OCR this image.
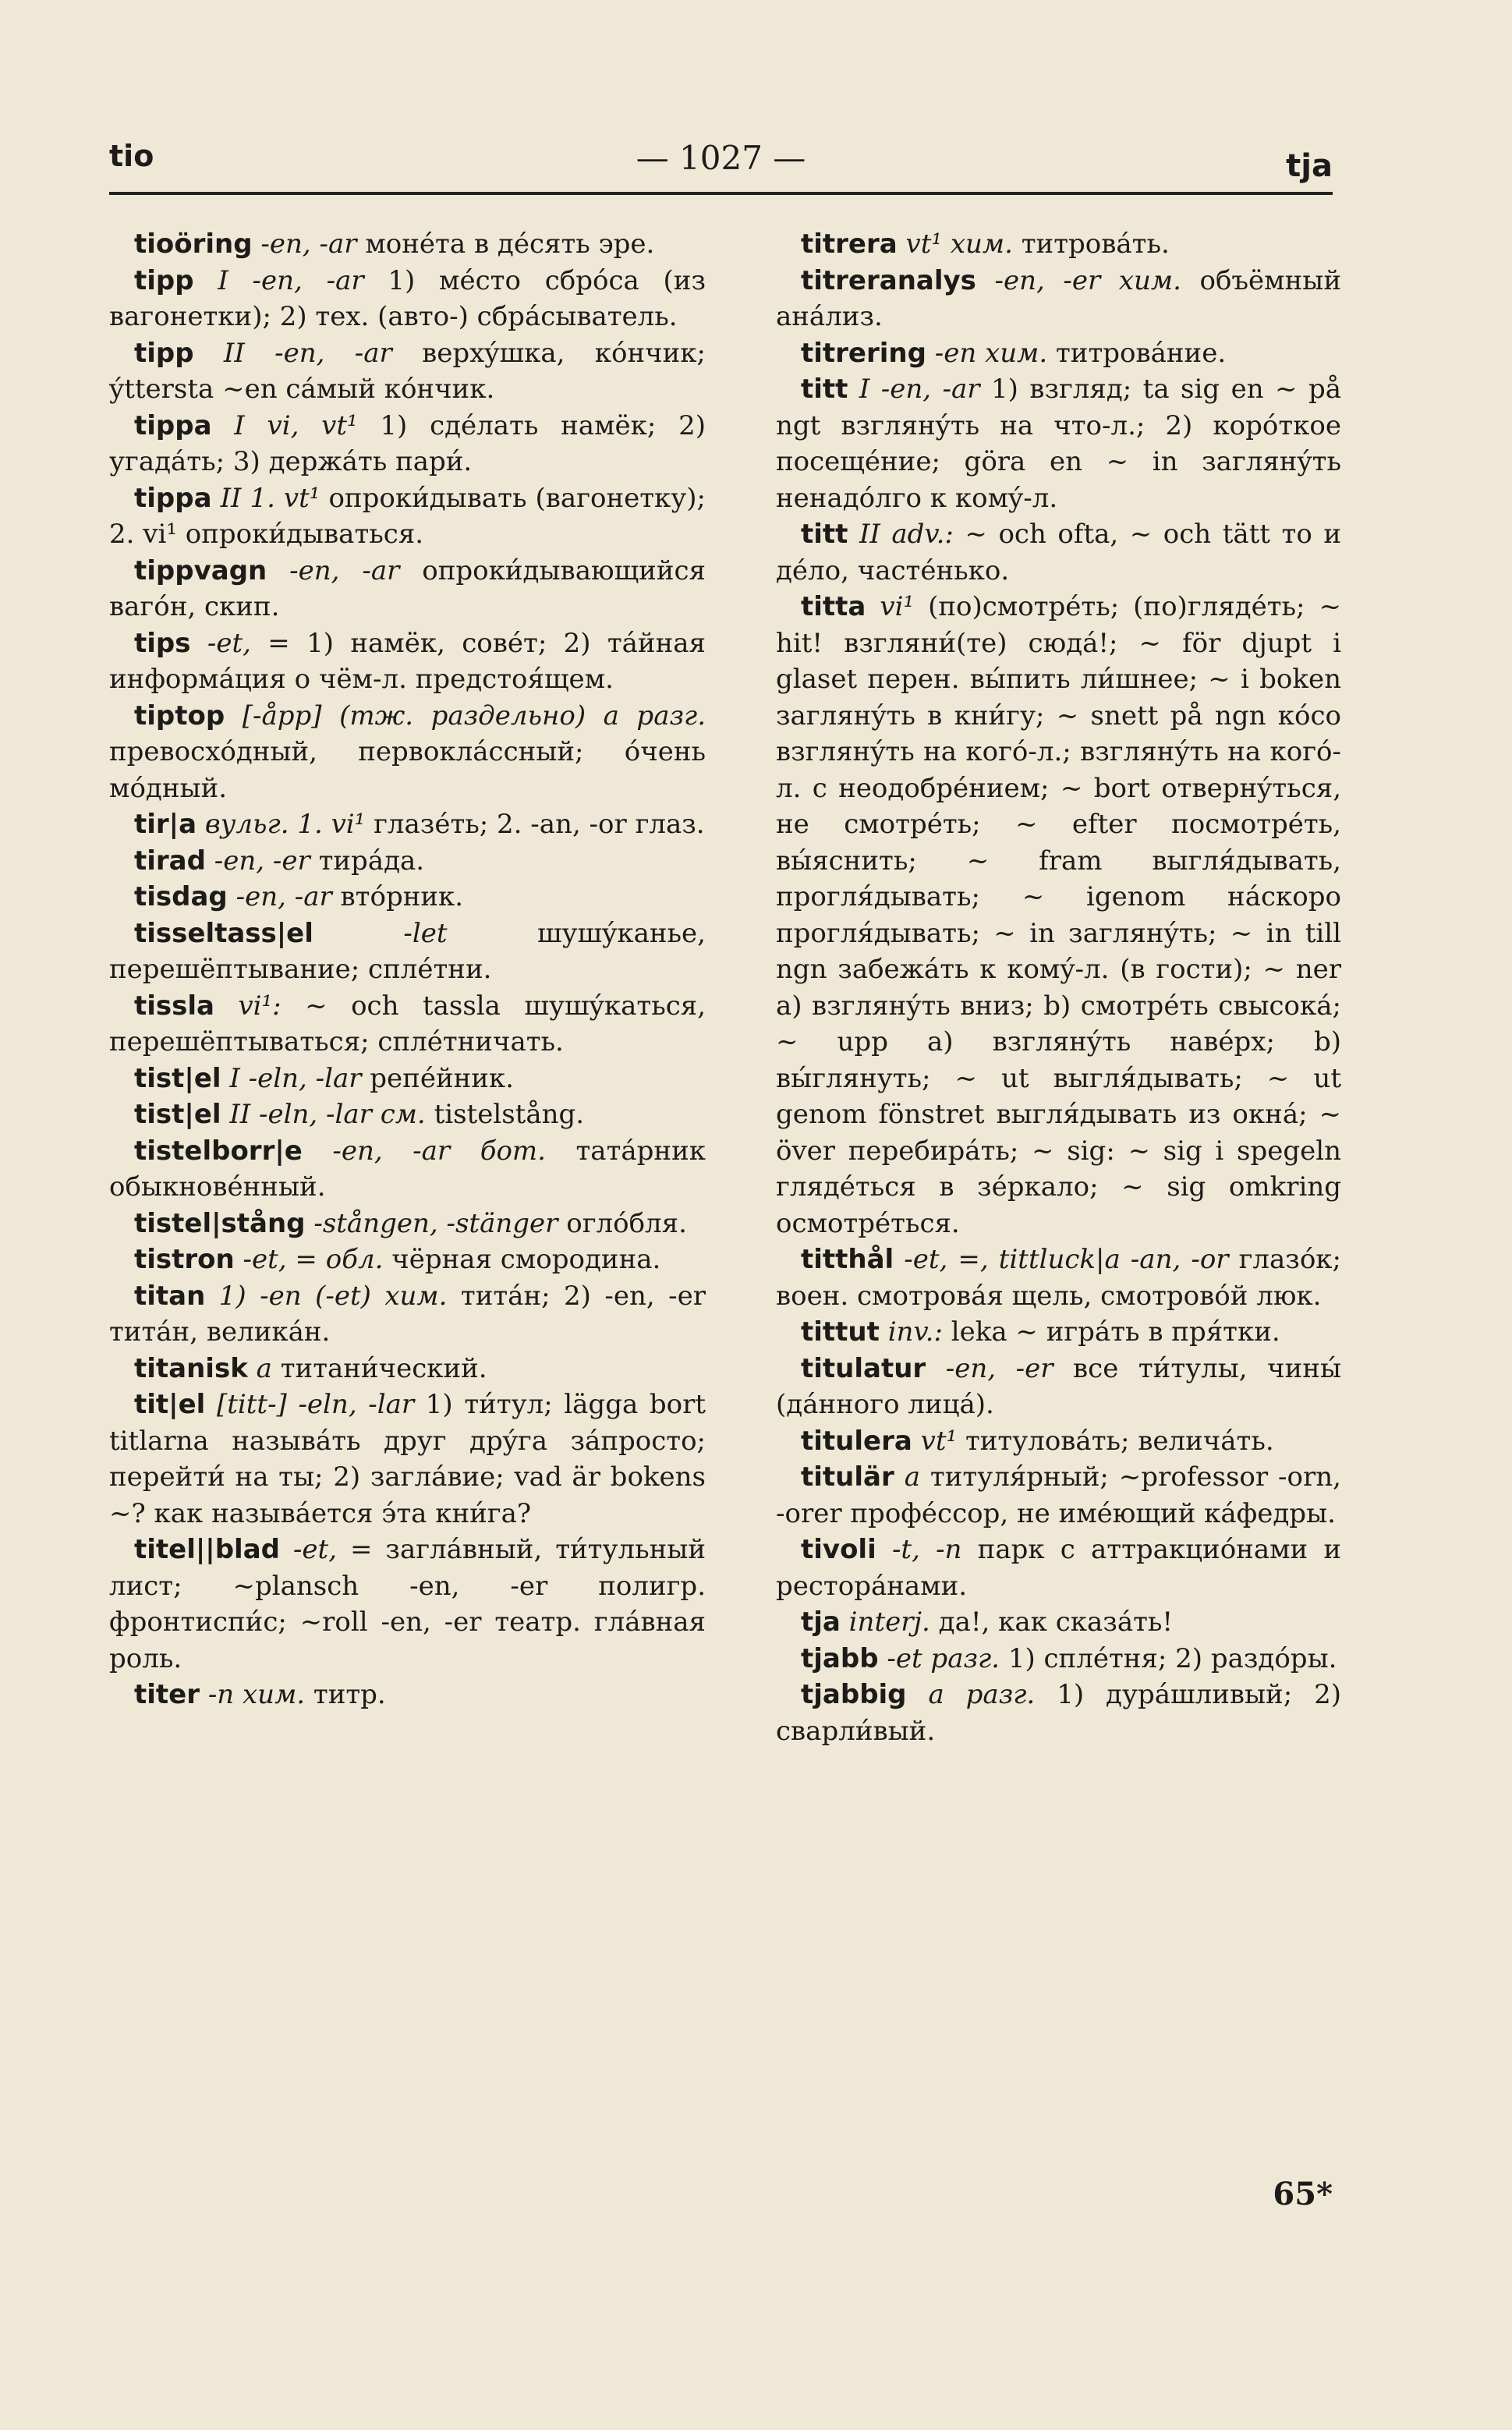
tio	— 1027 —	tja

tioöring -en, -ar монéта в дéсять эре.

tipp I -en, -ar 1) мéсто сбрóса (из вагонетки); 2) тех. (авто-) сбрáсыватель.

tipp II -en, -ar верхýшка, кóнчик; ýttersta ~en сáмый кóнчик.

tippa I vi, vt¹ 1) сдéлать намёк; 2) угадáть; 3) держáть пари́.

tippa II 1. vt¹ опроки́дывать (вагонетку); 2. vi¹ опроки́дываться.

tippvagn -en, -ar опроки́дывающийся вагóн, скип.

tips -et, = 1) намёк, совéт; 2) тáйная информáция о чём-л. предстоя́щем.

tiptop [-åpp] (тж. раздельно) а разг. превосхóдный, первоклáссный; óчень мóдный.

tir|a вульг. 1. vi¹ глазéть; 2. -an, -or глаз.

tirad -en, -er тирáда.

tisdag -en, -ar втóрник.

tisseltass|el	-let	шушýканье, перешёптывание; сплéтни.

tissla vi¹: ~ och tassla шушýкаться, перешёптываться; сплéтничать.

tist|el I -eln, -lar репéйник.

tist|el II -eln, -lar см. tistelstång.

tistelborr|e -en, -ar бот. татáрник обыкновéнный.

tistel|stång -stången, -stänger оглóбля.

tistron -et, = обл. чёрная смородина.

titan 1) -en (-et) хим. титáн; 2) -en, -er титáн, великáн.

titanisk a титани́ческий.

tit|el [titt-] -eln, -lar 1) ти́тул; lägga bort titlarna называ́ть друг дрýга зáпросто; перейти́ на ты; 2) заглáвие; vad är bokens ~? как называ́ется э́та кни́га?

titel||blad -et, = заглáвный, ти́тульный лист; ~plansch -en, -er полигр. фронтиспи́с; ~roll -en, -er театр. глáвная роль.

titer -n хим. титр.

titrera vt¹ хим. титровáть.

titreranalys -en, -er хим. объёмный анáлиз.

titrering -en хим. титровáние.

titt I -en, -ar 1) взгляд; ta sig en ~ på ngt взглянýть на что-л.; 2) корóткое посещéние; göra en ~ in заглянýть ненадóлго к комý-л.

titt II adv.: ~ och ofta, ~ och tätt то и дéло, частéнько.

titta vi¹ (по)смотрéть; (по)глядéть; ~ hit! взгляни́(те) сюдá!; ~ för djupt i glaset перен. вы́пить ли́шнее; ~ i boken заглянýть в кни́гу; ~ snett på ngn кóсо взглянýть на когó-л.; взглянýть на когó-л. с неодобрéнием; ~ bort отвернýться, не смотрéть; ~ efter посмотрéть, вы́яснить; ~ fram выгля́дывать, прогля́дывать; ~ igenom нáскоро прогля́дывать; ~ in заглянýть; ~ in till ngn забежáть к комý-л. (в гости); ~ ner а) взглянýть вниз; b) смотрéть свысокá; ~ upp а) взглянýть навéрх; b) вы́глянуть; ~ ut выгля́дывать; ~ ut genom fönstret выгля́дывать из окнá; ~ över перебирáть; ~ sig: ~ sig i spegeln глядéться в зéркало; ~ sig omkring осмотрéться.

titthål -et, =, tittluck|a -an, -or глазóк; воен. смотровáя щель, смотровóй люк.

tittut inv.: leka ~ игрáть в пря́тки.

titulatur -en, -er все ти́тулы, чины́ (дáнного лицá).

titulera vt¹ титуловáть; величáть.

titulär a титуля́рный; ~professor -orn, -orer профéссор, не имéющий кáфедры.

tivoli -t, -n парк с аттракциóнами и рестoрáнами.

tja interj. да!, как сказáть!

tjabb -et разг. 1) сплéтня; 2) раздóры.

tjabbig a разг. 1) дурáшливый; 2) сварли́вый.

65*
